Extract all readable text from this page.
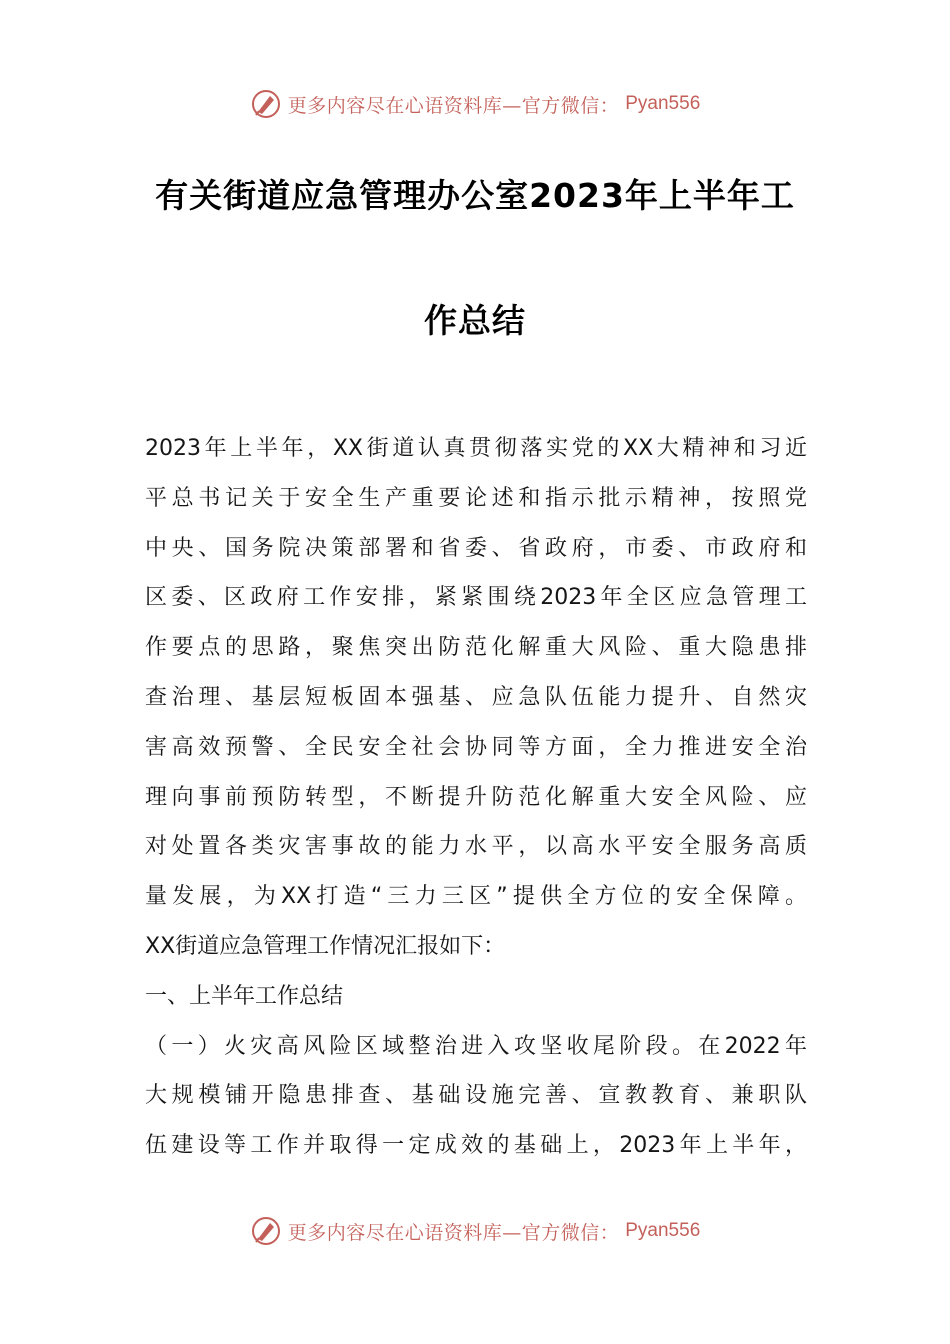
更多内容尽在心语资料库—官方微信： Pyan556
有关街道应急管理办公室2023年上半年工
作总结
2023年上半年，XX街道认真贯彻落实党的XX大精神和习近
平总书记关于安全生产重要论述和指示批示精神，按照党
中央、国务院决策部署和省委、省政府，市委、市政府和
区委、区政府工作安排，紧紧围绕2023年全区应急管理工
作要点的思路，聚焦突出防范化解重大风险、重大隐患排
查治理、基层短板固本强基、应急队伍能力提升、自然灾
害高效预警、全民安全社会协同等方面，全力推进安全治
理向事前预防转型，不断提升防范化解重大安全风险、应
对处置各类灾害事故的能力水平，以高水平安全服务高质
量发展，为XX打造“三力三区”提供全方位的安全保障。
XX街道应急管理工作情况汇报如下：
一、上半年工作总结
（一）火灾高风险区域整治进入攻坚收尾阶段。在2022年
大规模铺开隐患排查、基础设施完善、宣教教育、兼职队
伍建设等工作并取得一定成效的基础上，2023年上半年，
更多内容尽在心语资料库—官方微信： Pyan556
